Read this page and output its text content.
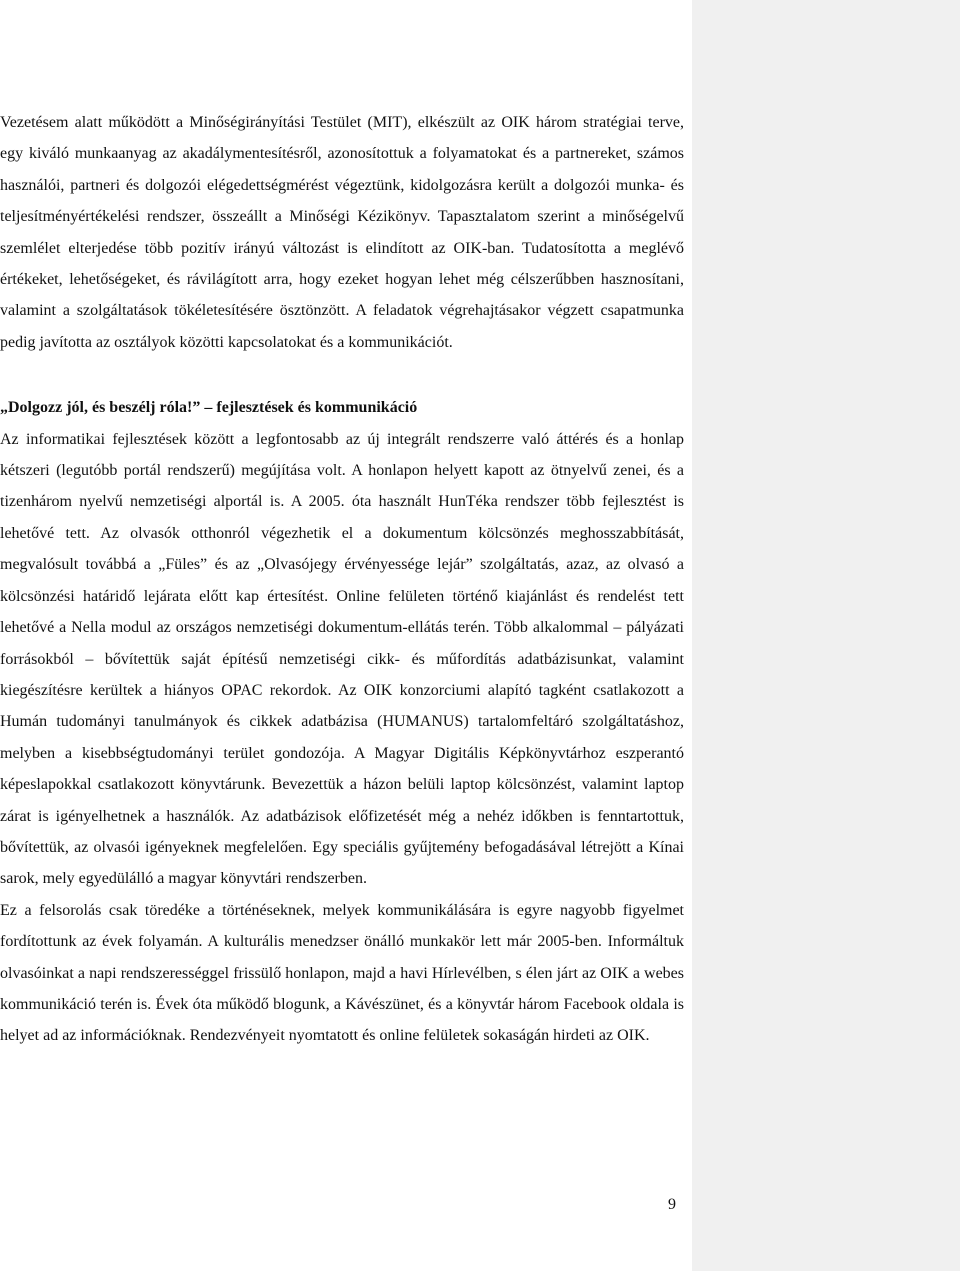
Vezetésem alatt működött a Minőségirányítási Testület (MIT), elkészült az OIK három stratégiai terve, egy kiváló munkaanyag az akadálymentesítésről, azonosítottuk a folyamatokat és a partnereket, számos használói, partneri és dolgozói elégedettségmérést végeztünk, kidolgozásra került a dolgozói munka- és teljesítményértékelési rendszer, összeállt a Minőségi Kézikönyv. Tapasztalatom szerint a minőségelvű szemlélet elterjedése több pozitív irányú változást is elindított az OIK-ban. Tudatosította a meglévő értékeket, lehetőségeket, és rávilágított arra, hogy ezeket hogyan lehet még célszerűbben hasznosítani, valamint a szolgáltatások tökéletesítésére ösztönzött. A feladatok végrehajtásakor végzett csapatmunka pedig javította az osztályok közötti kapcsolatokat és a kommunikációt.

„Dolgozz jól, és beszélj róla!” – fejlesztések és kommunikáció

Az informatikai fejlesztések között a legfontosabb az új integrált rendszerre való áttérés és a honlap kétszeri (legutóbb portál rendszerű) megújítása volt. A honlapon helyett kapott az ötnyelvű zenei, és a tizenhárom nyelvű nemzetiségi alportál is. A 2005. óta használt HunTéka rendszer több fejlesztést is lehetővé tett. Az olvasók otthonról végezhetik el a dokumentum kölcsönzés meghosszabbítását, megvalósult továbbá a „Füles” és az „Olvasójegy érvényessége lejár” szolgáltatás, azaz, az olvasó a kölcsönzési határidő lejárata előtt kap értesítést. Online felületen történő kiajánlást és rendelést tett lehetővé a Nella modul az országos nemzetiségi dokumentum-ellátás terén. Több alkalommal – pályázati forrásokból – bővítettük saját építésű nemzetiségi cikk- és műfordítás adatbázisunkat, valamint kiegészítésre kerültek a hiányos OPAC rekordok. Az OIK konzorciumi alapító tagként csatlakozott a Humán tudományi tanulmányok és cikkek adatbázisa (HUMANUS) tartalomfeltáró szolgáltatáshoz, melyben a kisebbségtudományi terület gondozója. A Magyar Digitális Képkönyvtárhoz eszperantó képeslapokkal csatlakozott könyvtárunk. Bevezettük a házon belüli laptop kölcsönzést, valamint laptop zárat is igényelhetnek a használók. Az adatbázisok előfizetését még a nehéz időkben is fenntartottuk, bővítettük, az olvasói igényeknek megfelelően. Egy speciális gyűjtemény befogadásával létrejött a Kínai sarok, mely egyedülálló a magyar könyvtári rendszerben.

Ez a felsorolás csak töredéke a történéseknek, melyek kommunikálására is egyre nagyobb figyelmet fordítottunk az évek folyamán. A kulturális menedzser önálló munkakör lett már 2005-ben. Informáltuk olvasóinkat a napi rendszerességgel frissülő honlapon, majd a havi Hírlevélben, s élen járt az OIK a webes kommunikáció terén is. Évek óta működő blogunk, a Kávészünet, és a könyvtár három Facebook oldala is helyet ad az információknak. Rendezvényeit nyomtatott és online felületek sokaságán hirdeti az OIK.

9
